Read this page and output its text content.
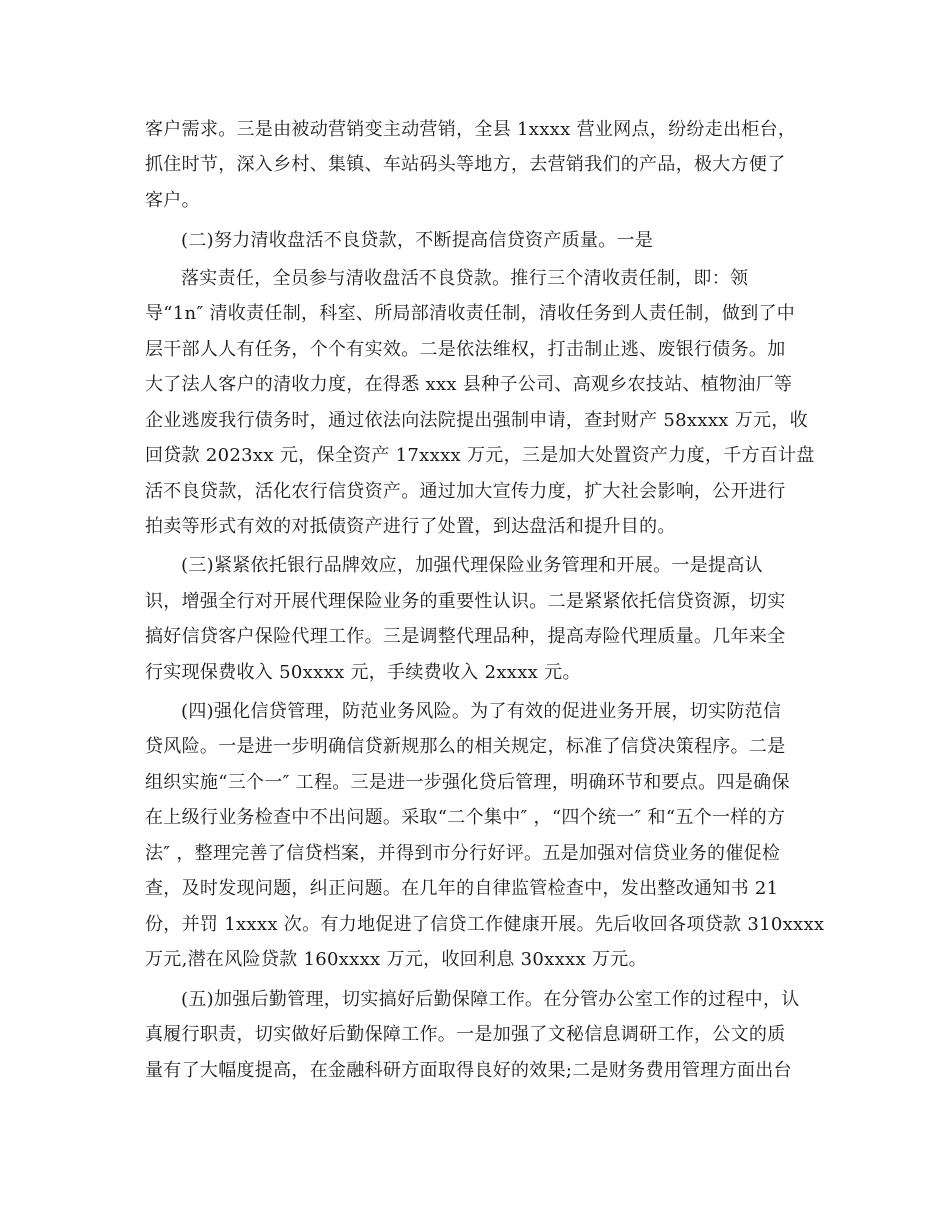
客户需求。三是由被动营销变主动营销，全县 1xxxx 营业网点，纷纷走出柜台，
抓住时节，深入乡村、集镇、车站码头等地方，去营销我们的产品，极大方便了
客户。
(二)努力清收盘活不良贷款，不断提高信贷资产质量。一是
落实责任，全员参与清收盘活不良贷款。推行三个清收责任制，即：领
导“1n″ 清收责任制，科室、所局部清收责任制，清收任务到人责任制，做到了中
层干部人人有任务，个个有实效。二是依法维权，打击制止逃、废银行债务。加
大了法人客户的清收力度，在得悉 xxx 县种子公司、高观乡农技站、植物油厂等
企业逃废我行债务时，通过依法向法院提出强制申请，查封财产 58xxxx 万元，收
回贷款 2023xx 元，保全资产 17xxxx 万元，三是加大处置资产力度，千方百计盘
活不良贷款，活化农行信贷资产。通过加大宣传力度，扩大社会影响，公开进行
拍卖等形式有效的对抵债资产进行了处置，到达盘活和提升目的。
(三)紧紧依托银行品牌效应，加强代理保险业务管理和开展。一是提高认
识，增强全行对开展代理保险业务的重要性认识。二是紧紧依托信贷资源，切实
搞好信贷客户保险代理工作。三是调整代理品种，提高寿险代理质量。几年来全
行实现保费收入 50xxxx 元，手续费收入 2xxxx 元。
(四)强化信贷管理，防范业务风险。为了有效的促进业务开展，切实防范信
贷风险。一是进一步明确信贷新规那么的相关规定，标准了信贷决策程序。二是
组织实施“三个一″ 工程。三是进一步强化贷后管理，明确环节和要点。四是确保
在上级行业务检查中不出问题。采取“二个集中″ ，“四个统一″ 和“五个一样的方
法″ ，整理完善了信贷档案，并得到市分行好评。五是加强对信贷业务的催促检
查，及时发现问题，纠正问题。在几年的自律监管检查中，发出整改通知书 21
份，并罚 1xxxx 次。有力地促进了信贷工作健康开展。先后收回各项贷款 310xxxx
万元,潜在风险贷款 160xxxx 万元，收回利息 30xxxx 万元。
(五)加强后勤管理，切实搞好后勤保障工作。在分管办公室工作的过程中，认
真履行职责，切实做好后勤保障工作。一是加强了文秘信息调研工作，公文的质
量有了大幅度提高，在金融科研方面取得良好的效果;二是财务费用管理方面出台
